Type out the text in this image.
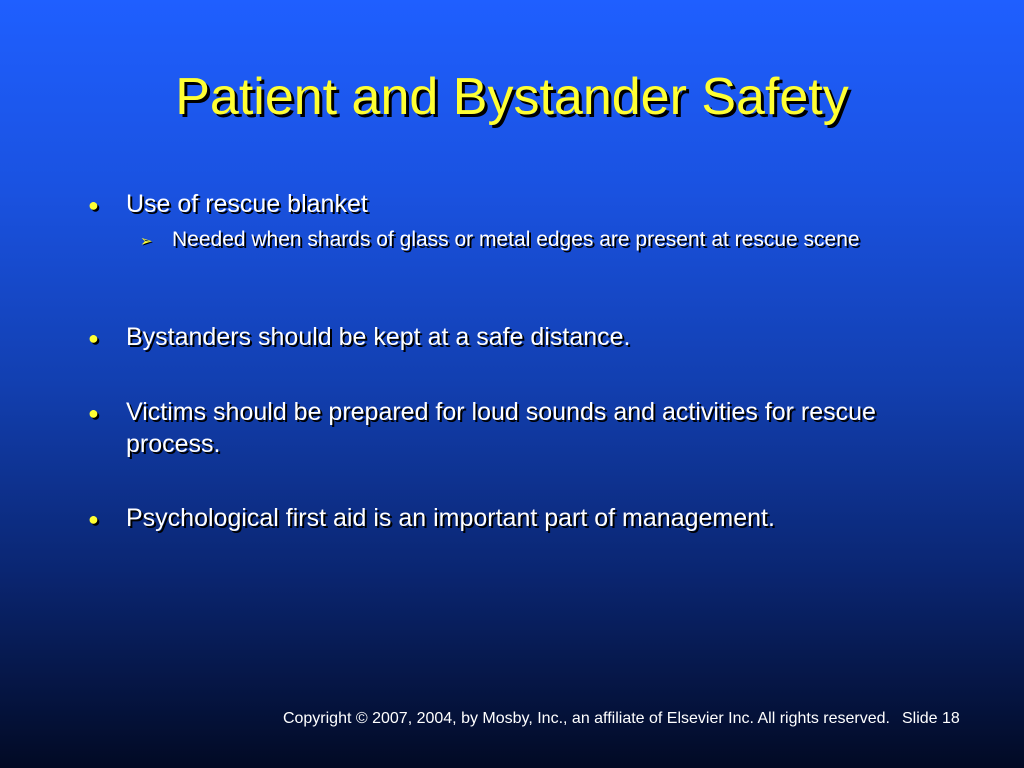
Patient and Bystander Safety
●	Use of rescue blanket
➢ Needed when shards of glass or metal edges are present at rescue scene
●	Bystanders should be kept at a safe distance.
●	Victims should be prepared for loud sounds and activities for rescue process.
●	Psychological first aid is an important part of management.
Copyright © 2007, 2004, by Mosby, Inc., an affiliate of Elsevier Inc. All rights reserved. Slide 18
